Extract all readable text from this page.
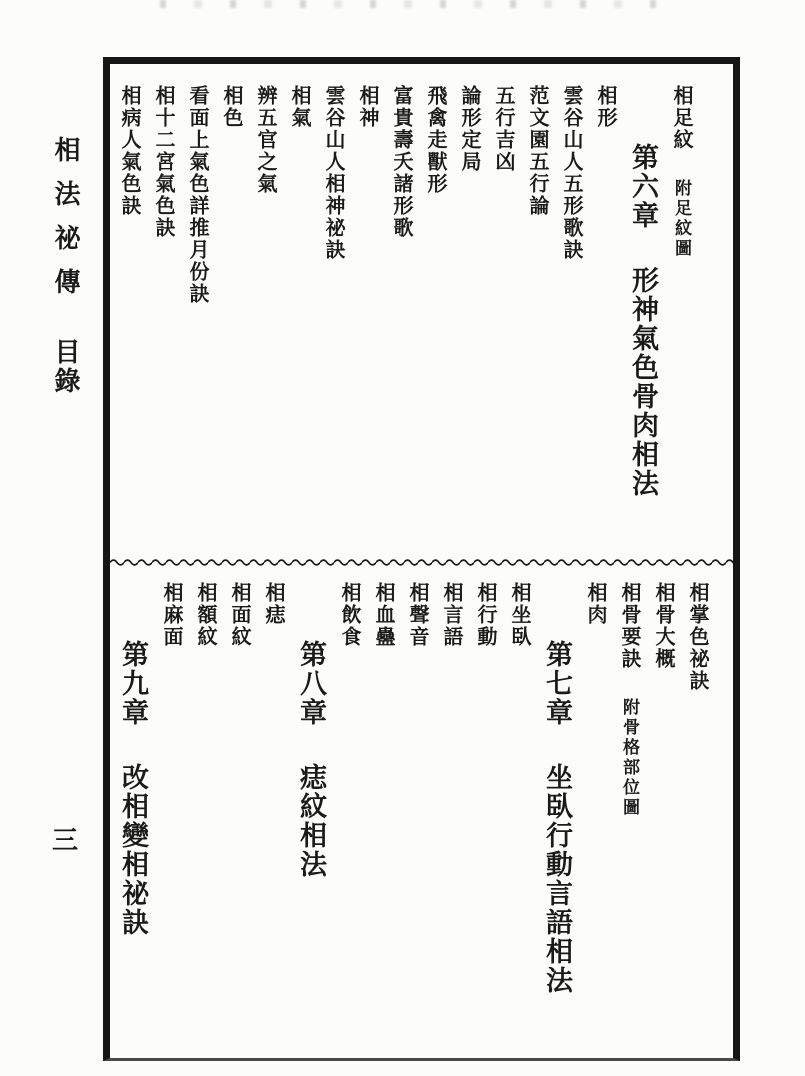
相法祕傳目錄
三
相足紋附足紋圖
第六章形神氣色骨肉相法
相形
雲谷山人五形歌訣
范文園五行論
五行吉凶
論形定局
飛禽走獸形
富貴壽夭諸形歌
相神
雲谷山人相神祕訣
相氣
辨五官之氣
相色
看面上氣色詳推月份訣
相十二宮氣色訣
相病人氣色訣
相掌色祕訣
相骨大概
相骨要訣附骨格部位圖
相肉
第七章坐臥行動言語相法
相坐臥
相行動
相言語
相聲音
相血蠱
相飲食
第八章痣紋相法
相痣
相面紋
相額紋
相麻面
第九章改相變相祕訣
